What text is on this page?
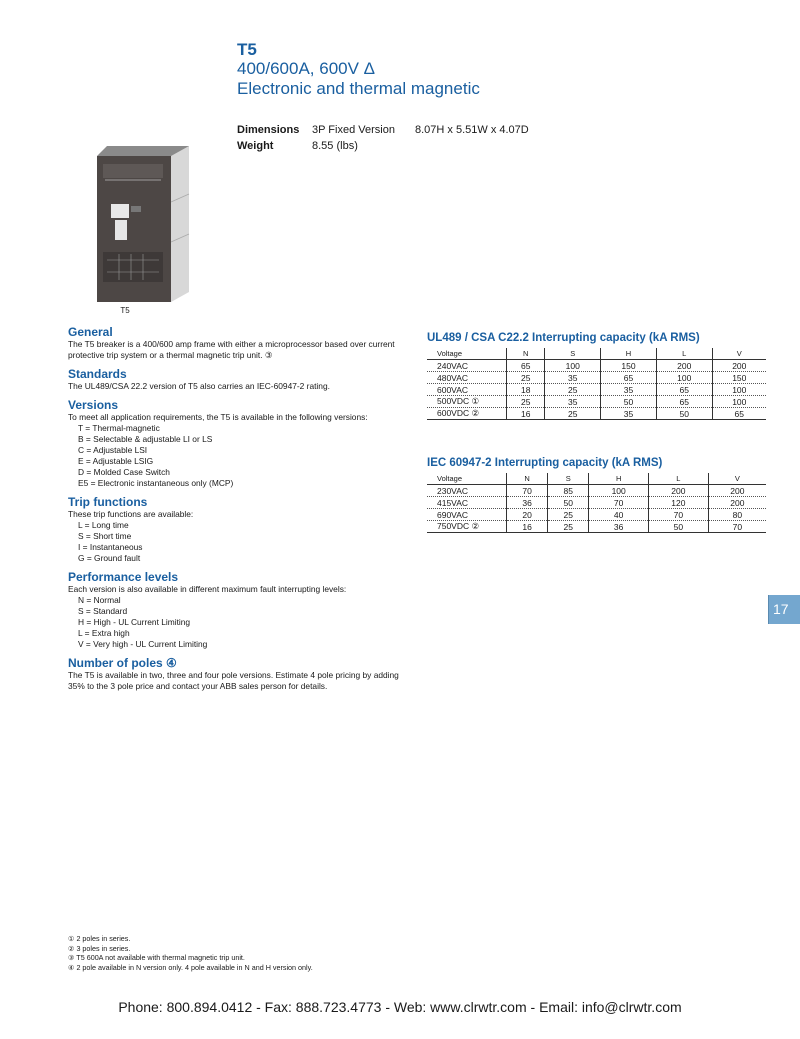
T5
400/600A, 600V Δ
Electronic and thermal magnetic
Dimensions	3P Fixed Version	8.07H x 5.51W x 4.07D
Weight	8.55 (lbs)
T5
General
The T5 breaker is a 400/600 amp frame with either a microprocessor based over current protective trip system or a thermal magnetic trip unit. ③
Standards
The UL489/CSA 22.2 version of T5 also carries an IEC-60947-2 rating.
Versions
To meet all application requirements, the T5 is available in the following versions:
T = Thermal-magnetic
B = Selectable & adjustable LI or LS
C = Adjustable LSI
E = Adjustable LSIG
D = Molded Case Switch
E5 = Electronic instantaneous only (MCP)
Trip functions
These trip functions are available:
L = Long time
S = Short time
I = Instantaneous
G = Ground fault
Performance levels
Each version is also available in different maximum fault interrupting levels:
N = Normal
S = Standard
H = High - UL Current Limiting
L = Extra high
V = Very high - UL Current Limiting
Number of poles ④
The T5 is available in two, three and four pole versions. Estimate 4 pole pricing by adding 35% to the 3 pole price and contact your ABB sales person for details.
UL489 / CSA C22.2 Interrupting capacity (kA RMS)
Voltage	N	S	H	L	V
240VAC	65	100	150	200	200
480VAC	25	35	65	100	150
600VAC	18	25	35	65	100
500VDC ①	25	35	50	65	100
600VDC ②	16	25	35	50	65
IEC 60947-2 Interrupting capacity (kA RMS)
Voltage	N	S	H	L	V
230VAC	70	85	100	200	200
415VAC	36	50	70	120	200
690VAC	20	25	40	70	80
750VDC ②	16	25	36	50	70
17
① 2 poles in series.
② 3 poles in series.
③ T5 600A not available with thermal magnetic trip unit.
④ 2 pole available in N version only. 4 pole available in N and H version only.
Phone: 800.894.0412 - Fax: 888.723.4773 - Web: www.clrwtr.com - Email: info@clrwtr.com
